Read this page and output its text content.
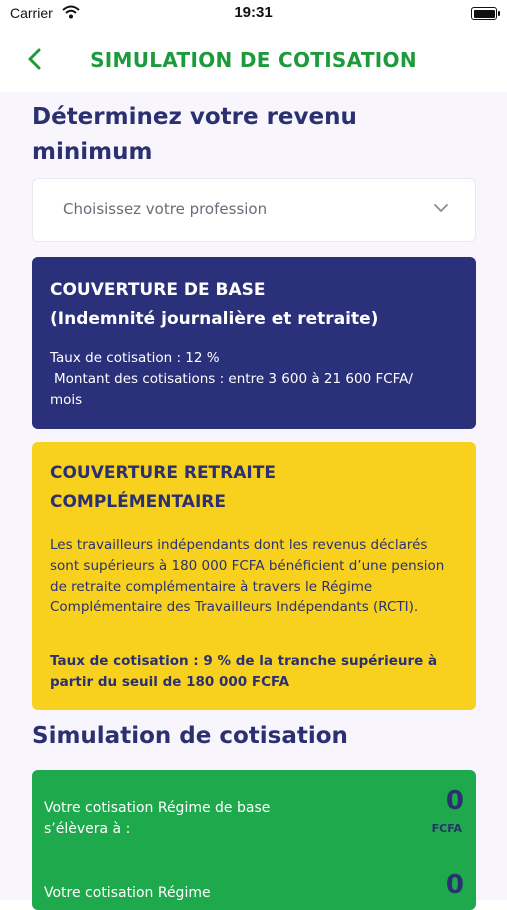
Carrier	19:31
SIMULATION DE COTISATION
Déterminez votre revenu
minimum
Choisissez votre profession
COUVERTURE DE BASE
(Indemnité journalière et retraite)
Taux de cotisation : 12 %
Montant des cotisations : entre 3 600 à 21 600 FCFA/
mois
COUVERTURE RETRAITE
COMPLÉMENTAIRE
Les travailleurs indépendants dont les revenus déclarés sont supérieurs à 180 000 FCFA bénéficient d’une pension de retraite complémentaire à travers le Régime Complémentaire des Travailleurs Indépendants (RCTI).
Taux de cotisation : 9 % de la tranche supérieure à partir du seuil de 180 000 FCFA
Simulation de cotisation
Votre cotisation Régime de base
s’élèvera à :
0
FCFA
Votre cotisation Régime	0
